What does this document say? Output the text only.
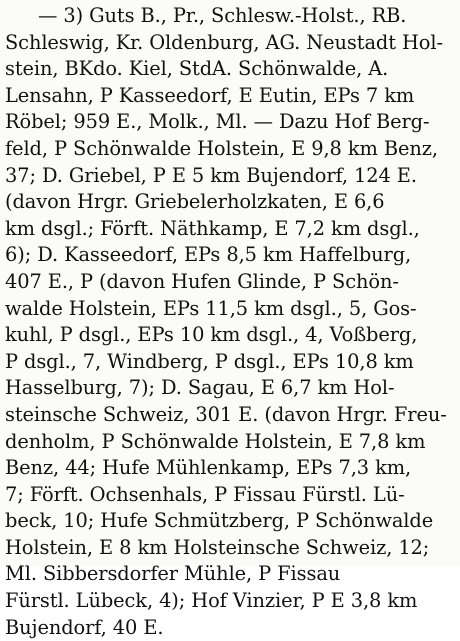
— 3) Guts B., Pr., Schlesw.-Holst., RB.
Schleswig, Kr. Oldenburg, AG. Neustadt Hol-
stein, BKdo. Kiel, StdA. Schönwalde, A.
Lensahn, P Kasseedorf, E Eutin, EPs 7 km
Röbel; 959 E., Molk., Ml. — Dazu Hof Berg-
feld, P Schönwalde Holstein, E 9,8 km Benz,
37; D. Griebel, P E 5 km Bujendorf, 124 E.
(davon Hrgr. Griebelerholzkaten, E 6,6
km dsgl.; Förft. Näthkamp, E 7,2 km dsgl.,
6); D. Kasseedorf, EPs 8,5 km Haffelburg,
407 E., P (davon Hufen Glinde, P Schön-
walde Holstein, EPs 11,5 km dsgl., 5, Gos-
kuhl, P dsgl., EPs 10 km dsgl., 4, Voßberg,
P dsgl., 7, Windberg, P dsgl., EPs 10,8 km
Hasselburg, 7); D. Sagau, E 6,7 km Hol-
steinsche Schweiz, 301 E. (davon Hrgr. Freu-
denholm, P Schönwalde Holstein, E 7,8 km
Benz, 44; Hufe Mühlenkamp, EPs 7,3 km,
7; Förft. Ochsenhals, P Fissau Fürstl. Lü-
beck, 10; Hufe Schmützberg, P Schönwalde
Holstein, E 8 km Holsteinsche Schweiz, 12;
Ml. Sibbersdorfer Mühle, P Fissau
Fürstl. Lübeck, 4); Hof Vinzier, P E 3,8 km
Bujendorf, 40 E.
